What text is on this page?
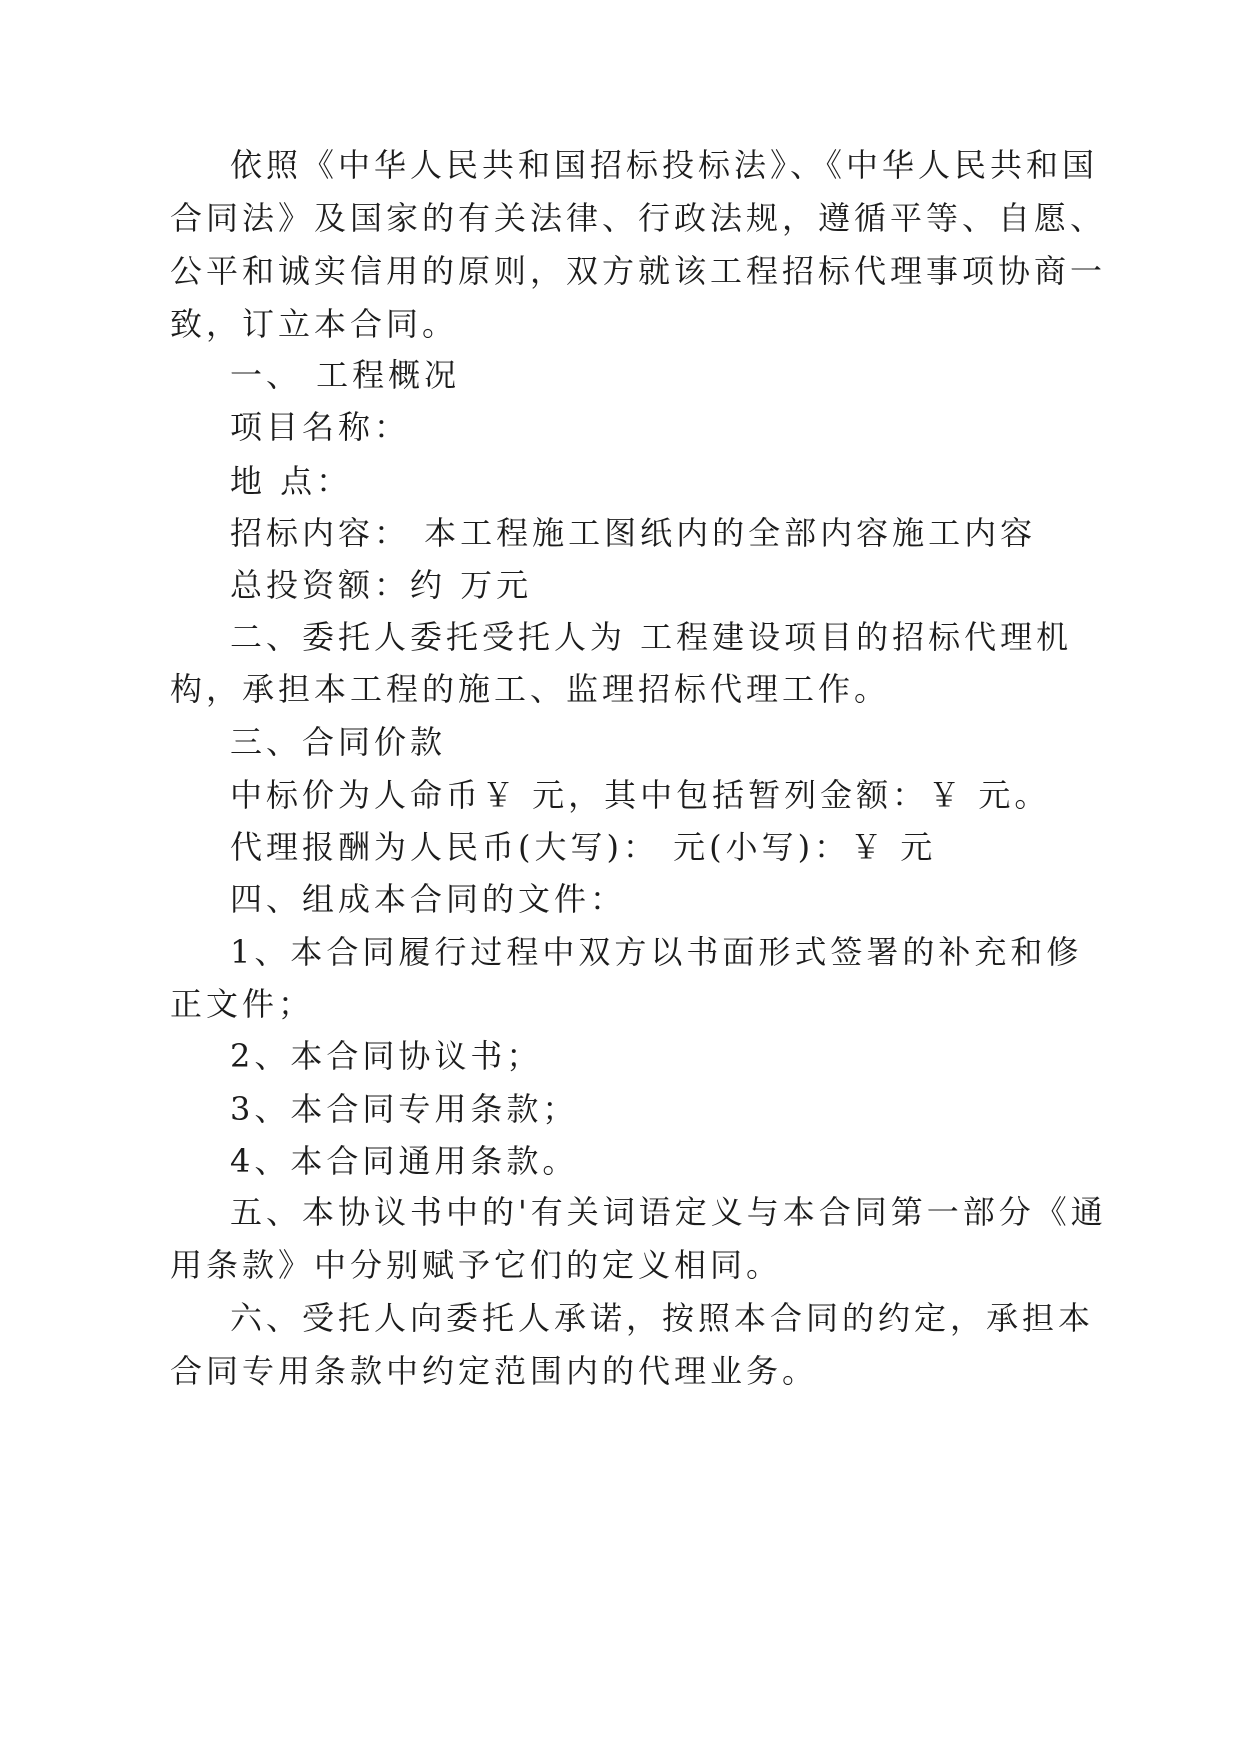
依照《中华人民共和国招标投标法》、《中华人民共和国
合同法》及国家的有关法律、行政法规，遵循平等、自愿、
公平和诚实信用的原则，双方就该工程招标代理事项协商一
致，订立本合同。
一、 工程概况
项目名称：
地 点：
招标内容： 本工程施工图纸内的全部内容施工内容
总投资额：约 万元
二、委托人委托受托人为 工程建设项目的招标代理机
构，承担本工程的施工、监理招标代理工作。
三、合同价款
中标价为人命币￥ 元，其中包括暂列金额：￥ 元。
代理报酬为人民币(大写)： 元(小写)：￥ 元
四、组成本合同的文件：
1、本合同履行过程中双方以书面形式签署的补充和修
正文件；
2、本合同协议书；
3、本合同专用条款；
4、本合同通用条款。
五、本协议书中的'有关词语定义与本合同第一部分《通
用条款》中分别赋予它们的定义相同。
六、受托人向委托人承诺，按照本合同的约定，承担本
合同专用条款中约定范围内的代理业务。
